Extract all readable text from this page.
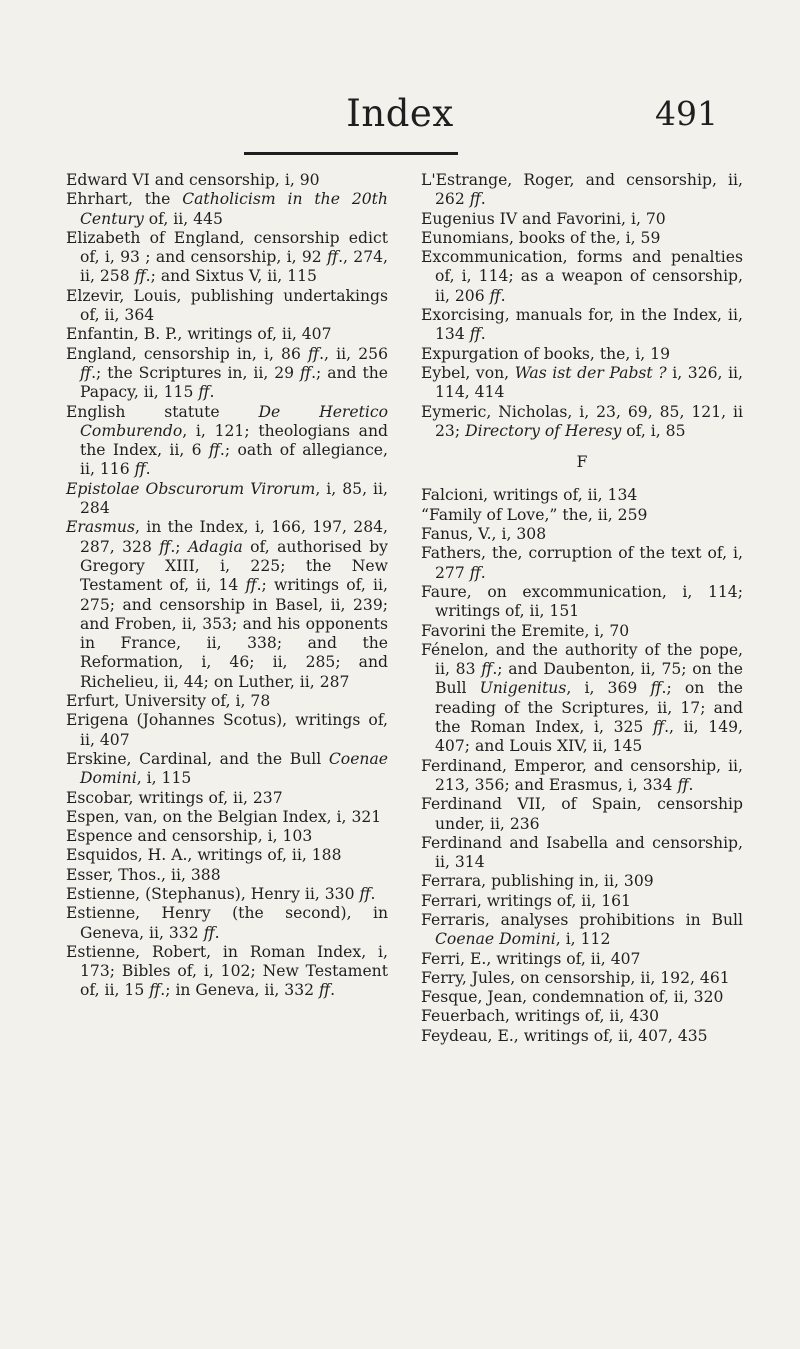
Index	491

Edward VI and censorship, i, 90

Ehrhart, the Catholicism in the 20th Century of, ii, 445

Elizabeth of England, censorship edict of, i, 93 ; and censorship, i, 92 ff., 274, ii, 258 ff.; and Sixtus V, ii, 115

Elzevir, Louis, publishing undertakings of, ii, 364

Enfantin, B. P., writings of, ii, 407

England, censorship in, i, 86 ff., ii, 256 ff.; the Scriptures in, ii, 29 ff.; and the Papacy, ii, 115 ff.

English statute De Heretico Comburendo, i, 121; theologians and the Index, ii, 6 ff.; oath of allegiance, ii, 116 ff.

Epistolae Obscurorum Virorum, i, 85, ii, 284

Erasmus, in the Index, i, 166, 197, 284, 287, 328 ff.; Adagia of, authorised by Gregory XIII, i, 225; the New Testament of, ii, 14 ff.; writings of, ii, 275; and censorship in Basel, ii, 239; and Froben, ii, 353; and his opponents in France, ii, 338; and the Reformation, i, 46; ii, 285; and Richelieu, ii, 44; on Luther, ii, 287

Erfurt, University of, i, 78

Erigena (Johannes Scotus), writings of, ii, 407

Erskine, Cardinal, and the Bull Coenae Domini, i, 115

Escobar, writings of, ii, 237

Espen, van, on the Belgian Index, i, 321

Espence and censorship, i, 103

Esquidos, H. A., writings of, ii, 188

Esser, Thos., ii, 388

Estienne, (Stephanus), Henry ii, 330 ff.

Estienne, Henry (the second), in Geneva, ii, 332 ff.

Estienne, Robert, in Roman Index, i, 173; Bibles of, i, 102; New Testament of, ii, 15 ff.; in Geneva, ii, 332 ff.

L'Estrange, Roger, and censorship, ii, 262 ff.

Eugenius IV and Favorini, i, 70

Eunomians, books of the, i, 59

Excommunication, forms and penalties of, i, 114; as a weapon of censorship, ii, 206 ff.

Exorcising, manuals for, in the Index, ii, 134 ff.

Expurgation of books, the, i, 19

Eybel, von, Was ist der Pabst ? i, 326, ii, 114, 414

Eymeric, Nicholas, i, 23, 69, 85, 121, ii 23; Directory of Heresy of, i, 85

F

Falcioni, writings of, ii, 134

“Family of Love,” the, ii, 259

Fanus, V., i, 308

Fathers, the, corruption of the text of, i, 277 ff.

Faure, on excommunication, i, 114; writings of, ii, 151

Favorini the Eremite, i, 70

Fénelon, and the authority of the pope, ii, 83 ff.; and Daubenton, ii, 75; on the Bull Unigenitus, i, 369 ff.; on the reading of the Scriptures, ii, 17; and the Roman Index, i, 325 ff., ii, 149, 407; and Louis XIV, ii, 145

Ferdinand, Emperor, and censorship, ii, 213, 356; and Erasmus, i, 334 ff.

Ferdinand VII, of Spain, censorship under, ii, 236

Ferdinand and Isabella and censorship, ii, 314

Ferrara, publishing in, ii, 309

Ferrari, writings of, ii, 161

Ferraris, analyses prohibitions in Bull Coenae Domini, i, 112

Ferri, E., writings of, ii, 407

Ferry, Jules, on censorship, ii, 192, 461

Fesque, Jean, condemnation of, ii, 320

Feuerbach, writings of, ii, 430

Feydeau, E., writings of, ii, 407, 435
